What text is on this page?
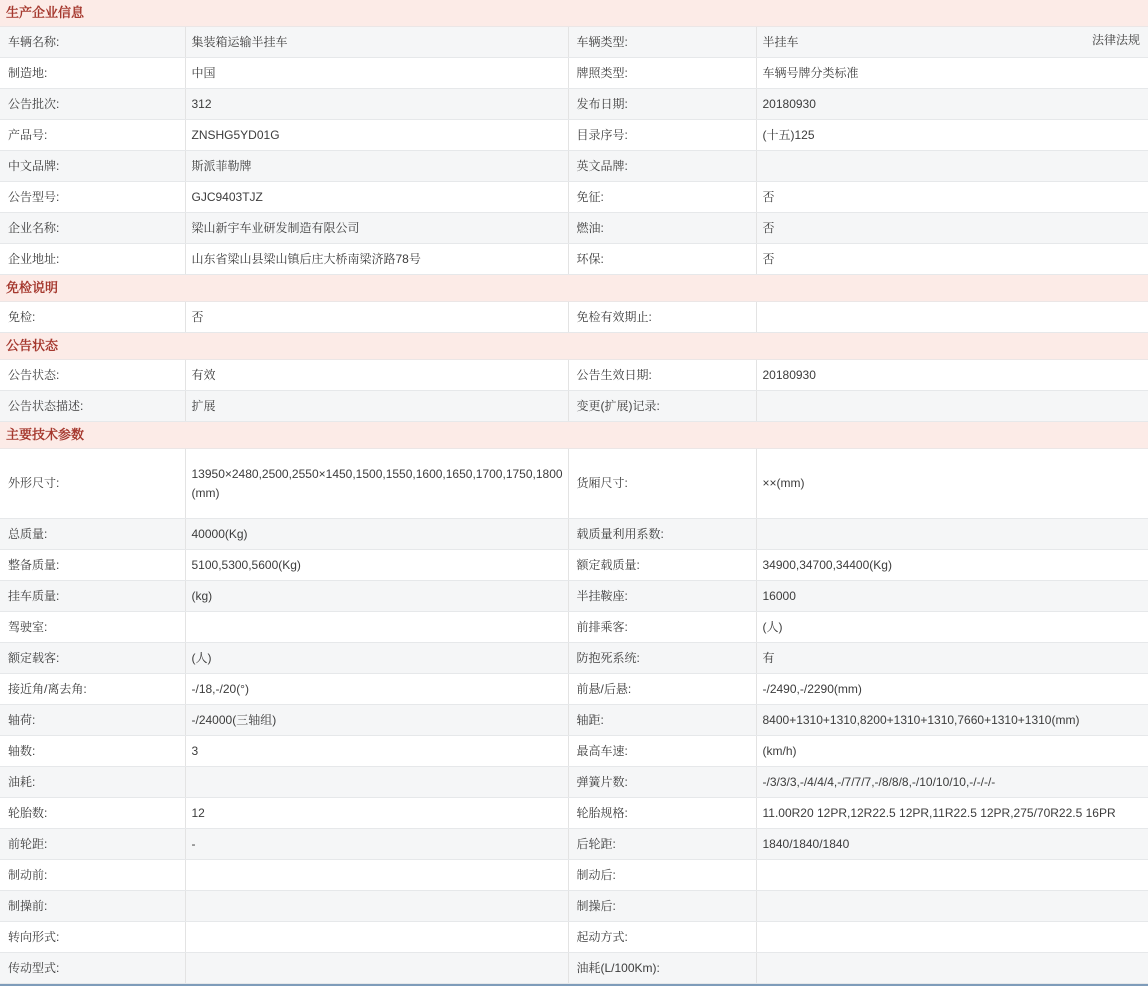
生产企业信息
车辆名称:	集装箱运输半挂车	车辆类型:	半挂车 法律法规

制造地:	中国	牌照类型:	车辆号牌分类标准
公告批次:	312	发布日期:	20180930
产品号:	ZNSHG5YD01G	目录序号:	(十五)125
中文品牌:	斯派菲勒牌	英文品牌:	
公告型号:	GJC9403TJZ	免征:	否
企业名称:	梁山新宇车业研发制造有限公司	燃油:	否
企业地址:	山东省梁山县梁山镇后庄大桥南梁济路78号	环保:	否
免检说明
免检:	否	免检有效期止:	
公告状态
公告状态:	有效	公告生效日期:	20180930
公告状态描述:	扩展	变更(扩展)记录:	
主要技术参数
外形尺寸:	13950×2480,2500,2550×1450,1500,1550,1600,1650,1700,1750,1800(mm)	货厢尺寸:	××(mm)
总质量:	40000(Kg)	载质量利用系数:	
整备质量:	5100,5300,5600(Kg)	额定载质量:	34900,34700,34400(Kg)
挂车质量:	(kg)	半挂鞍座:	16000
驾驶室:		前排乘客:	(人)
额定载客:	(人)	防抱死系统:	有
接近角/离去角:	-/18,-/20(°)	前悬/后悬:	-/2490,-/2290(mm)
轴荷:	-/24000(三轴组)	轴距:	8400+1310+1310,8200+1310+1310,7660+1310+1310(mm)
轴数:	3	最高车速:	(km/h)
油耗:		弹簧片数:	-/3/3/3,-/4/4/4,-/7/7/7,-/8/8/8,-/10/10/10,-/-/-/-
轮胎数:	12	轮胎规格:	11.00R20 12PR,12R22.5 12PR,11R22.5 12PR,275/70R22.5 16PR
前轮距:	-	后轮距:	1840/1840/1840
制动前:		制动后:	
制操前:		制操后:	
转向形式:		起动方式:	
传动型式:		油耗(L/100Km):	
